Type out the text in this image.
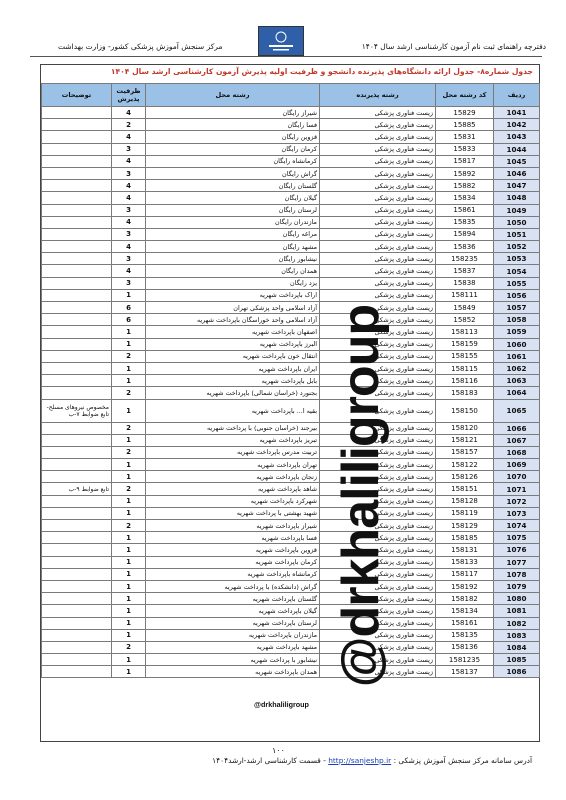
دفترچه راهنمای ثبت نام آزمون کارشناسی ارشد سال ۱۴۰۴
مرکز سنجش آموزش پزشکی کشور- وزارت بهداشت
جدول شماره۸- جدول ارائه دانشگاه‌های پذیرنده دانشجو و ظرفیت اولیه پذیرش آزمون کارشناسی ارشد سال ۱۴۰۴
توضیحات	ظرفیت پذیرش	رشته محل	رشته پذیرنده	کد رشته محل	ردیف
	4	شیراز رایگان	زیست فناوری پزشکی	15829	1041
	2	فسا رایگان	زیست فناوری پزشکی	15885	1042
	4	قزوین رایگان	زیست فناوری پزشکی	15831	1043
	3	کرمان رایگان	زیست فناوری پزشکی	15833	1044
	4	کرمانشاه رایگان	زیست فناوری پزشکی	15817	1045
	3	گراش رایگان	زیست فناوری پزشکی	15892	1046
	4	گلستان رایگان	زیست فناوری پزشکی	15882	1047
	4	گیلان رایگان	زیست فناوری پزشکی	15834	1048
	3	لرستان رایگان	زیست فناوری پزشکی	15861	1049
	4	مازندران رایگان	زیست فناوری پزشکی	15835	1050
	3	مراغه رایگان	زیست فناوری پزشکی	15894	1051
	4	مشهد رایگان	زیست فناوری پزشکی	15836	1052
	3	نیشابور رایگان	زیست فناوری پزشکی	158235	1053
	4	همدان رایگان	زیست فناوری پزشکی	15837	1054
	3	یزد رایگان	زیست فناوری پزشکی	15838	1055
	1	اراک باپرداخت شهریه	زیست فناوری پزشکی	158111	1056
	6	آزاد اسلامی واحد پزشکی تهران	زیست فناوری پزشکی	15849	1057
	6	آزاد اسلامی واحد خوراسگان باپرداخت شهریه	زیست فناوری پزشکی	15852	1058
	1	اصفهان باپرداخت شهریه	زیست فناوری پزشکی	158113	1059
	1	البرز باپرداخت شهریه	زیست فناوری پزشکی	158159	1060
	2	انتقال خون باپرداخت شهریه	زیست فناوری پزشکی	158155	1061
	1	ایران باپرداخت شهریه	زیست فناوری پزشکی	158115	1062
	1	بابل باپرداخت شهریه	زیست فناوری پزشکی	158116	1063
	2	بجنورد (خراسان شمالی) باپرداخت شهریه	زیست فناوری پزشکی	158183	1064
مخصوص نیروهای مسلح- تابع ضوابط ۷-ب	1	بقیه ا... باپرداخت شهریه	زیست فناوری پزشکی	158150	1065
	2	بیرجند (خراسان جنوبی) با پرداخت شهریه	زیست فناوری پزشکی	158120	1066
	1	تبریز باپرداخت شهریه	زیست فناوری پزشکی	158121	1067
	2	تربیت مدرس باپرداخت شهریه	زیست فناوری پزشکی	158157	1068
	1	تهران باپرداخت شهریه	زیست فناوری پزشکی	158122	1069
	1	زنجان باپرداخت شهریه	زیست فناوری پزشکی	158126	1070
تابع ضوابط ۹-ب	2	شاهد باپرداخت شهریه	زیست فناوری پزشکی	158151	1071
	1	شهرکرد باپرداخت شهریه	زیست فناوری پزشکی	158128	1072
	1	شهید بهشتی با پرداخت شهریه	زیست فناوری پزشکی	158119	1073
	2	شیراز باپرداخت شهریه	زیست فناوری پزشکی	158129	1074
	1	فسا باپرداخت شهریه	زیست فناوری پزشکی	158185	1075
	1	قزوین باپرداخت شهریه	زیست فناوری پزشکی	158131	1076
	1	کرمان باپرداخت شهریه	زیست فناوری پزشکی	158133	1077
	1	کرمانشاه باپرداخت شهریه	زیست فناوری پزشکی	158117	1078
	1	گراش (دانشکده) با پرداخت شهریه	زیست فناوری پزشکی	158192	1079
	1	گلستان باپرداخت شهریه	زیست فناوری پزشکی	158182	1080
	1	گیلان باپرداخت شهریه	زیست فناوری پزشکی	158134	1081
	1	لرستان باپرداخت شهریه	زیست فناوری پزشکی	158161	1082
	1	مازندران باپرداخت شهریه	زیست فناوری پزشکی	158135	1083
	2	مشهد باپرداخت شهریه	زیست فناوری پزشکی	158136	1084
	1	نیشابور با پرداخت شهریه	زیست فناوری پزشکی	1581235	1085
	1	همدان باپرداخت شهریه	زیست فناوری پزشکی	158137	1086
@drkhaliligroup
@drkhaliligroup
۱۰۰
آدرس سامانه مرکز سنجش آموزش پزشکی : http://sanjeshp.ir - قسمت کارشناسی ارشد-ارشد۱۴۰۴
